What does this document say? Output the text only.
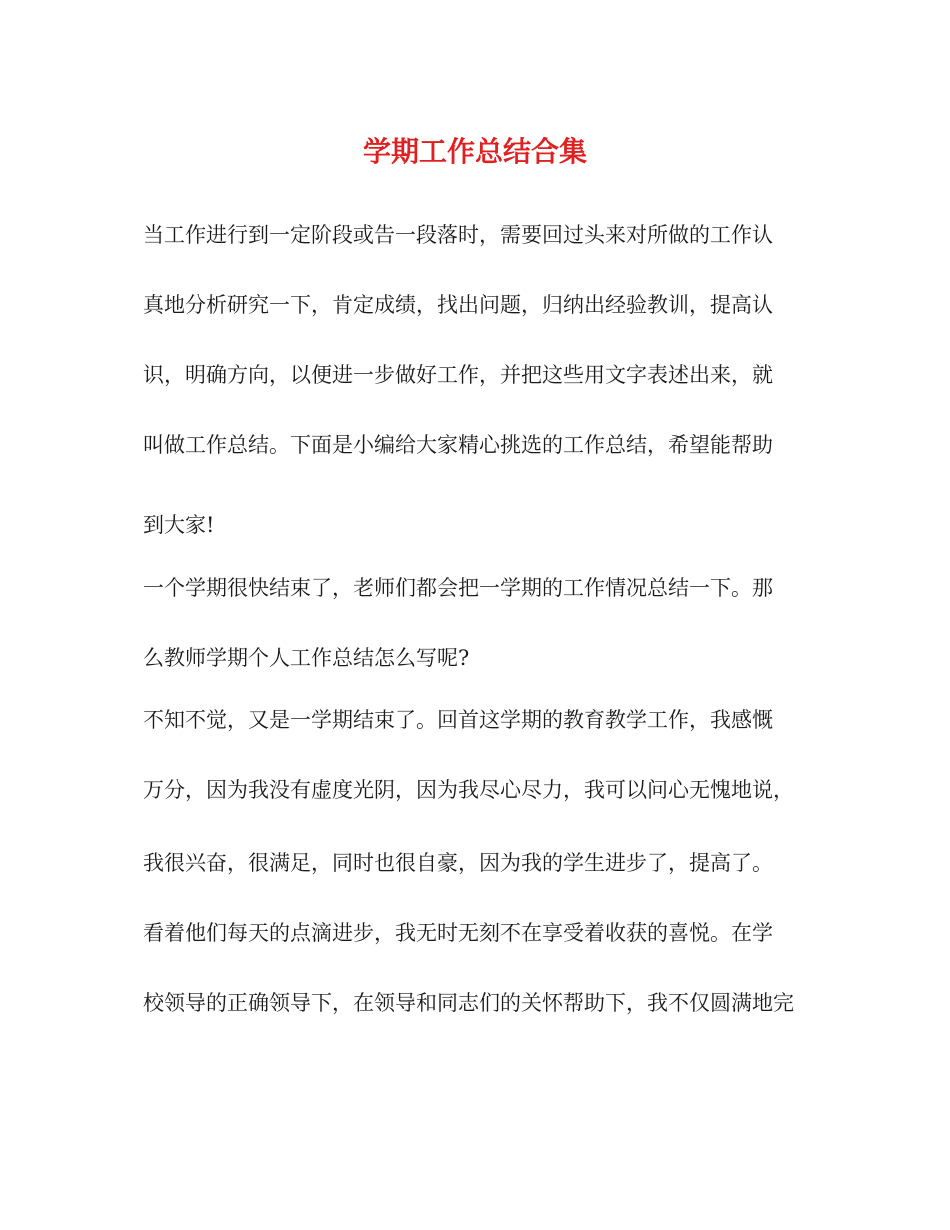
学期工作总结合集

当工作进行到一定阶段或告一段落时，需要回过头来对所做的工作认

真地分析研究一下，肯定成绩，找出问题，归纳出经验教训，提高认

识，明确方向，以便进一步做好工作，并把这些用文字表述出来，就

叫做工作总结。下面是小编给大家精心挑选的工作总结，希望能帮助

到大家!

一个学期很快结束了，老师们都会把一学期的工作情况总结一下。那

么教师学期个人工作总结怎么写呢?

不知不觉，又是一学期结束了。回首这学期的教育教学工作，我感慨

万分，因为我没有虚度光阴，因为我尽心尽力，我可以问心无愧地说，

我很兴奋，很满足，同时也很自豪，因为我的学生进步了，提高了。

看着他们每天的点滴进步，我无时无刻不在享受着收获的喜悦。在学

校领导的正确领导下，在领导和同志们的关怀帮助下，我不仅圆满地完
